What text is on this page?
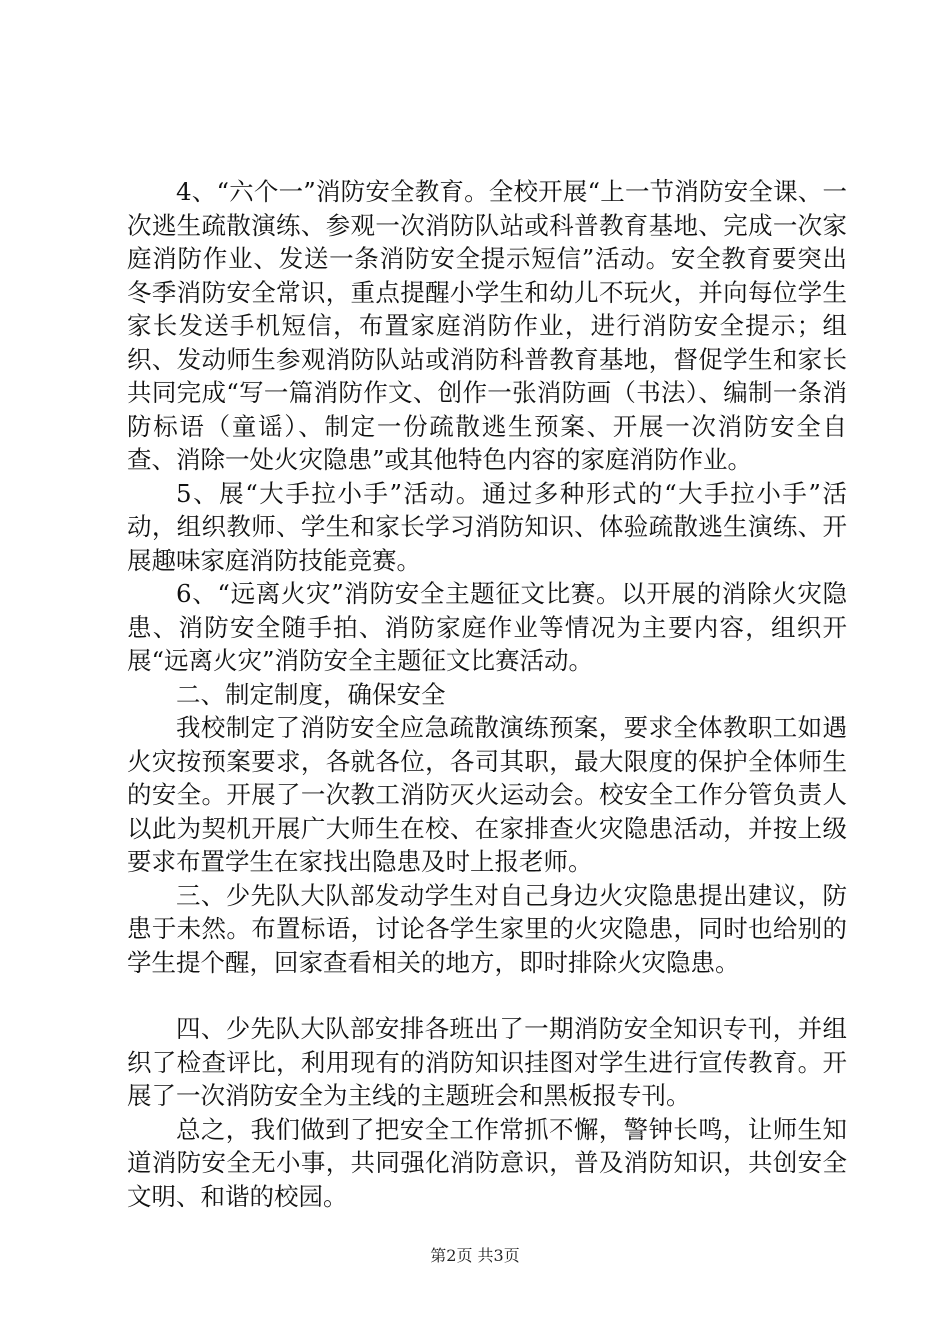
4、“六个一”消防安全教育。全校开展“上一节消防安全课、一次逃生疏散演练、参观一次消防队站或科普教育基地、完成一次家庭消防作业、发送一条消防安全提示短信”活动。安全教育要突出冬季消防安全常识，重点提醒小学生和幼儿不玩火，并向每位学生家长发送手机短信，布置家庭消防作业，进行消防安全提示；组织、发动师生参观消防队站或消防科普教育基地，督促学生和家长共同完成“写一篇消防作文、创作一张消防画（书法）、编制一条消防标语（童谣）、制定一份疏散逃生预案、开展一次消防安全自查、消除一处火灾隐患”或其他特色内容的家庭消防作业。

5、展“大手拉小手”活动。通过多种形式的“大手拉小手”活动，组织教师、学生和家长学习消防知识、体验疏散逃生演练、开展趣味家庭消防技能竞赛。

6、“远离火灾”消防安全主题征文比赛。以开展的消除火灾隐患、消防安全随手拍、消防家庭作业等情况为主要内容，组织开展“远离火灾”消防安全主题征文比赛活动。

二、制定制度，确保安全

我校制定了消防安全应急疏散演练预案，要求全体教职工如遇火灾按预案要求，各就各位，各司其职，最大限度的保护全体师生的安全。开展了一次教工消防灭火运动会。校安全工作分管负责人以此为契机开展广大师生在校、在家排查火灾隐患活动，并按上级要求布置学生在家找出隐患及时上报老师。

三、少先队大队部发动学生对自己身边火灾隐患提出建议，防患于未然。布置标语，讨论各学生家里的火灾隐患，同时也给别的学生提个醒，回家查看相关的地方，即时排除火灾隐患。

四、少先队大队部安排各班出了一期消防安全知识专刊，并组织了检查评比，利用现有的消防知识挂图对学生进行宣传教育。开展了一次消防安全为主线的主题班会和黑板报专刊。

总之，我们做到了把安全工作常抓不懈，警钟长鸣，让师生知道消防安全无小事，共同强化消防意识，普及消防知识，共创安全文明、和谐的校园。

第2页 共3页
